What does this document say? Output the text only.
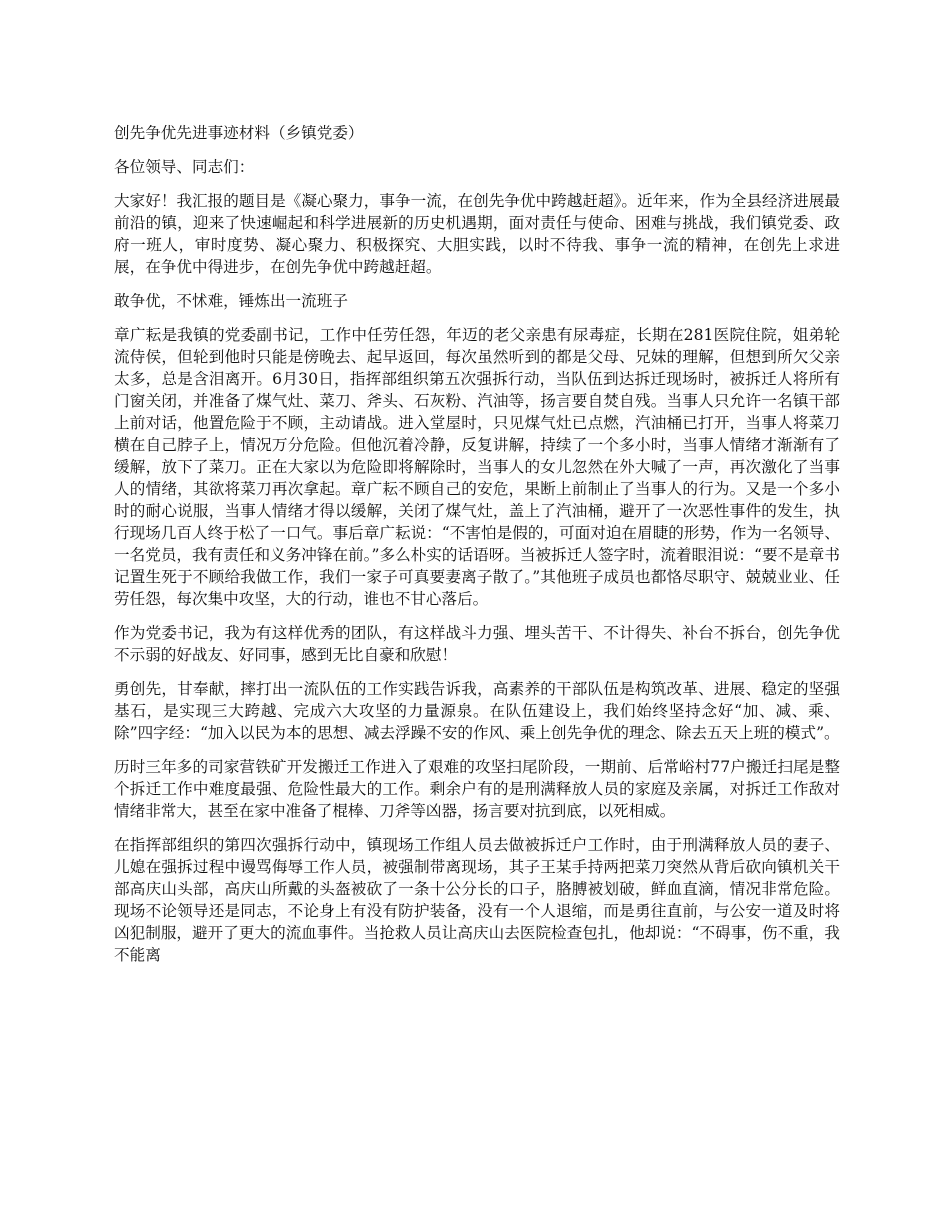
创先争优先进事迹材料（乡镇党委）

各位领导、同志们：

大家好！我汇报的题目是《凝心聚力，事争一流，在创先争优中跨越赶超》。近年来，作为全县经济进展最前沿的镇，迎来了快速崛起和科学进展新的历史机遇期，面对责任与使命、困难与挑战，我们镇党委、政府一班人，审时度势、凝心聚力、积极探究、大胆实践，以时不待我、事争一流的精神，在创先上求进展，在争优中得进步，在创先争优中跨越赶超。

敢争优，不怵难，锤炼出一流班子

章广耘是我镇的党委副书记，工作中任劳任怨，年迈的老父亲患有尿毒症，长期在281医院住院，姐弟轮流侍侯，但轮到他时只能是傍晚去、起早返回，每次虽然听到的都是父母、兄妹的理解，但想到所欠父亲太多，总是含泪离开。6月30日，指挥部组织第五次强拆行动，当队伍到达拆迁现场时，被拆迁人将所有门窗关闭，并准备了煤气灶、菜刀、斧头、石灰粉、汽油等，扬言要自焚自残。当事人只允许一名镇干部上前对话，他置危险于不顾，主动请战。进入堂屋时，只见煤气灶已点燃，汽油桶已打开，当事人将菜刀横在自己脖子上，情况万分危险。但他沉着冷静，反复讲解，持续了一个多小时，当事人情绪才渐渐有了缓解，放下了菜刀。正在大家以为危险即将解除时，当事人的女儿忽然在外大喊了一声，再次激化了当事人的情绪，其欲将菜刀再次拿起。章广耘不顾自己的安危，果断上前制止了当事人的行为。又是一个多小时的耐心说服，当事人情绪才得以缓解，关闭了煤气灶，盖上了汽油桶，避开了一次恶性事件的发生，执行现场几百人终于松了一口气。事后章广耘说：“不害怕是假的，可面对迫在眉睫的形势，作为一名领导、一名党员，我有责任和义务冲锋在前。”多么朴实的话语呀。当被拆迁人签字时，流着眼泪说：“要不是章书记置生死于不顾给我做工作，我们一家子可真要妻离子散了。”其他班子成员也都恪尽职守、兢兢业业、任劳任怨，每次集中攻坚，大的行动，谁也不甘心落后。

作为党委书记，我为有这样优秀的团队，有这样战斗力强、埋头苦干、不计得失、补台不拆台，创先争优不示弱的好战友、好同事，感到无比自豪和欣慰！

勇创先，甘奉献，摔打出一流队伍的工作实践告诉我，高素养的干部队伍是构筑改革、进展、稳定的坚强基石，是实现三大跨越、完成六大攻坚的力量源泉。在队伍建设上，我们始终坚持念好“加、减、乘、除”四字经：“加入以民为本的思想、减去浮躁不安的作风、乘上创先争优的理念、除去五天上班的模式”。

历时三年多的司家营铁矿开发搬迁工作进入了艰难的攻坚扫尾阶段，一期前、后常峪村77户搬迁扫尾是整个拆迁工作中难度最强、危险性最大的工作。剩余户有的是刑满释放人员的家庭及亲属，对拆迁工作敌对情绪非常大，甚至在家中准备了棍棒、刀斧等凶器，扬言要对抗到底，以死相威。

在指挥部组织的第四次强拆行动中，镇现场工作组人员去做被拆迁户工作时，由于刑满释放人员的妻子、儿媳在强拆过程中谩骂侮辱工作人员，被强制带离现场，其子王某手持两把菜刀突然从背后砍向镇机关干部高庆山头部，高庆山所戴的头盔被砍了一条十公分长的口子，胳膊被划破，鲜血直滴，情况非常危险。现场不论领导还是同志，不论身上有没有防护装备，没有一个人退缩，而是勇往直前，与公安一道及时将凶犯制服，避开了更大的流血事件。当抢救人员让高庆山去医院检查包扎，他却说：“不碍事，伤不重，我不能离
